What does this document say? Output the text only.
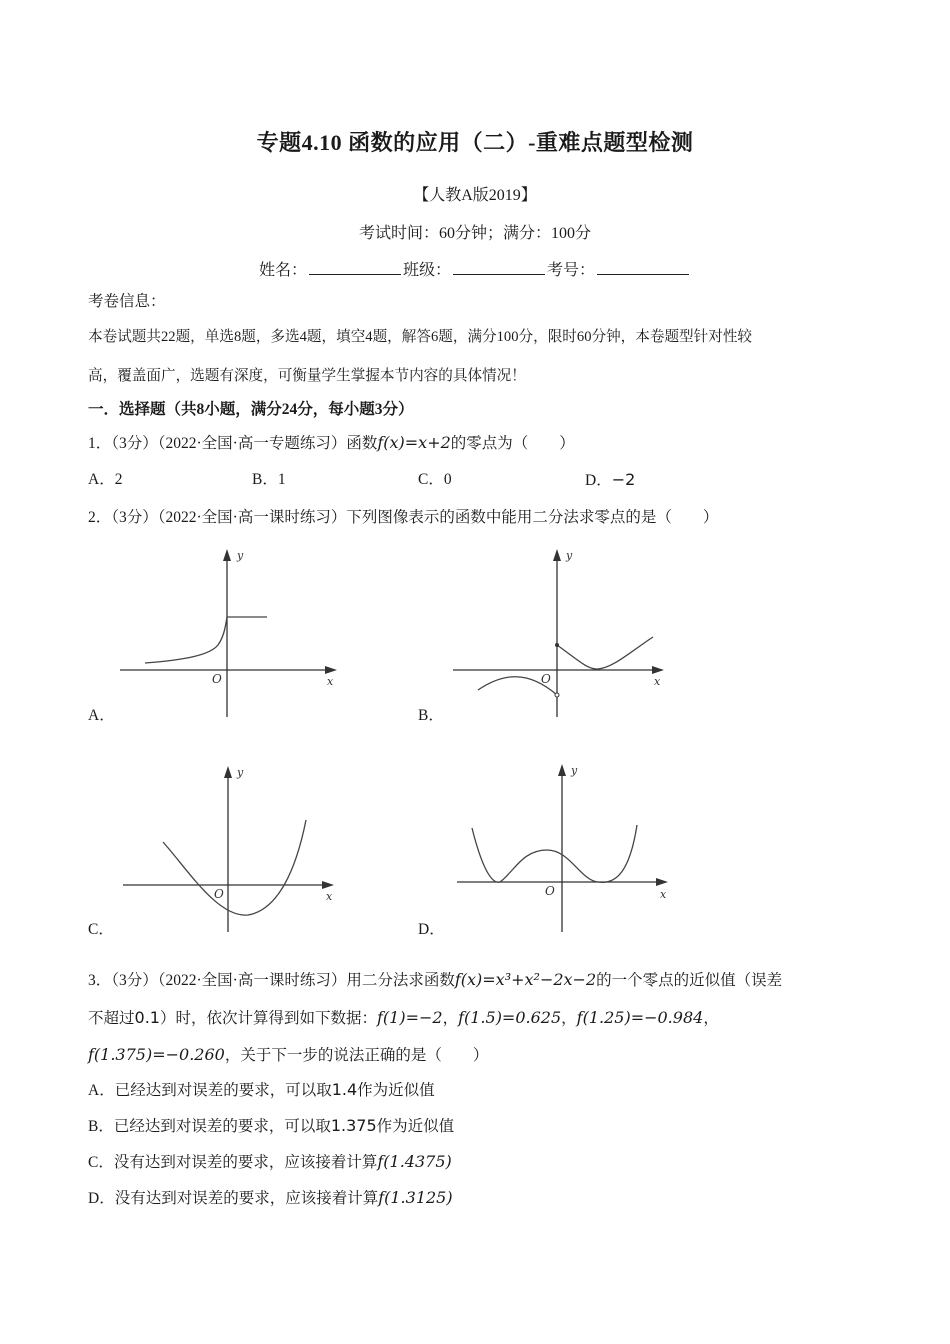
专题4.10 函数的应用（二）-重难点题型检测
【人教A版2019】
考试时间：60分钟；满分：100分
姓名：	班级：	考号：
考卷信息：
本卷试题共22题，单选8题，多选4题，填空4题，解答6题，满分100分，限时60分钟，本卷题型针对性较
高，覆盖面广，选题有深度，可衡量学生掌握本节内容的具体情况！
一．选择题（共8小题，满分24分，每小题3分）
1．（3分）（2022·全国·高一专题练习）函数f(x)=x+2的零点为（　　）
A．2	B．1	C．0	D．−2
2．（3分）（2022·全国·高一课时练习）下列图像表示的函数中能用二分法求零点的是（　　）
y
x
O
A．
y
x
O
B．
y
x
O
C．
y
x
O
D．
3．（3分）（2022·全国·高一课时练习）用二分法求函数f(x)=x³+x²−2x−2的一个零点的近似值（误差
不超过0.1）时，依次计算得到如下数据：f(1)=−2，f(1.5)=0.625，f(1.25)=−0.984，
f(1.375)=−0.260，关于下一步的说法正确的是（　　）
A．已经达到对误差的要求，可以取1.4作为近似值
B．已经达到对误差的要求，可以取1.375作为近似值
C．没有达到对误差的要求，应该接着计算f(1.4375)
D．没有达到对误差的要求，应该接着计算f(1.3125)
